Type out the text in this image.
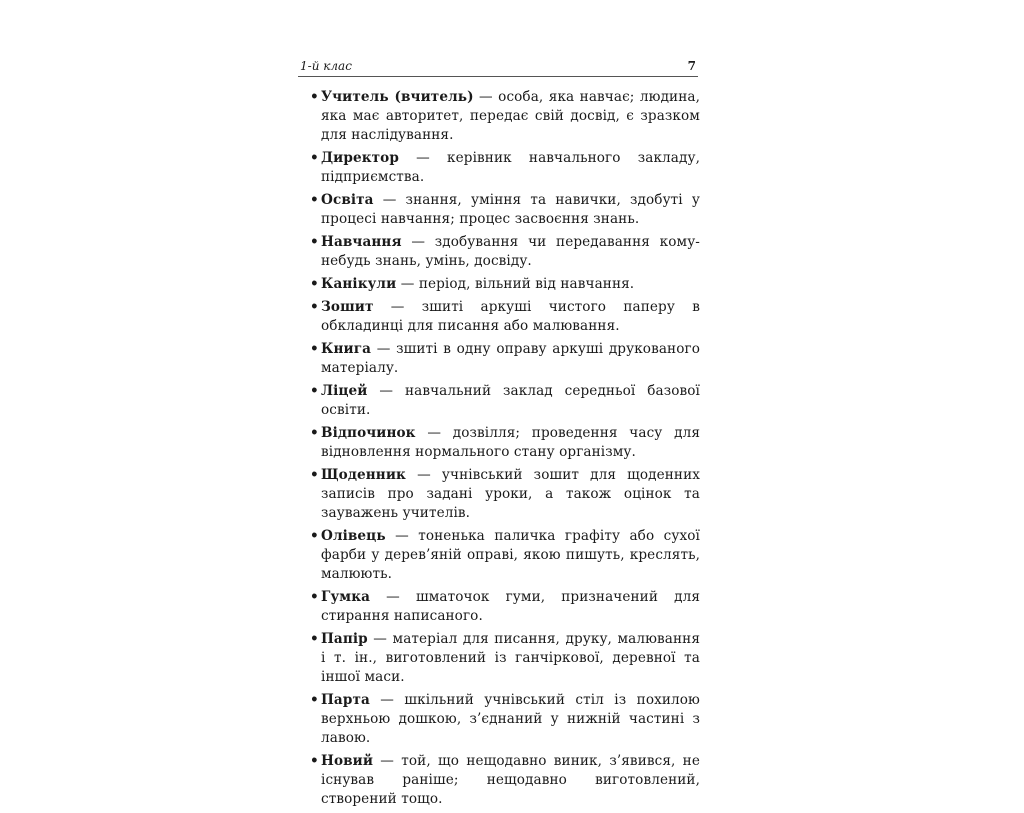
1-й клас	7
• Учитель (вчитель) — особа, яка навчає; людина, яка має авторитет, передає свій досвід, є зразком для наслідування.
• Директор — керівник навчального закладу, підприємства.
• Освіта — знання, уміння та навички, здобуті у процесі навчання; процес засвоєння знань.
• Навчання — здобування чи передавання кому-небудь знань, умінь, досвіду.
• Канікули — період, вільний від навчання.
• Зошит — зшиті аркуші чистого паперу в обкладинці для писання або малювання.
• Книга — зшиті в одну оправу аркуші друкованого матеріалу.
• Ліцей — навчальний заклад середньої базової освіти.
• Відпочинок — дозвілля; проведення часу для відновлення нормального стану організму.
• Щоденник — учнівський зошит для щоденних записів про задані уроки, а також оцінок та зауважень учителів.
• Олівець — тоненька паличка графіту або сухої фарби у дерев’яній оправі, якою пишуть, креслять, малюють.
• Гумка — шматочок гуми, призначений для стирання написаного.
• Папір — матеріал для писання, друку, малювання і т. ін., виготовлений із ганчіркової, деревної та іншої маси.
• Парта — шкільний учнівський стіл із похилою верхньою дошкою, з’єднаний у нижній частині з лавою.
• Новий — той, що нещодавно виник, з’явився, не існував раніше; нещодавно виготовлений, створений тощо.
